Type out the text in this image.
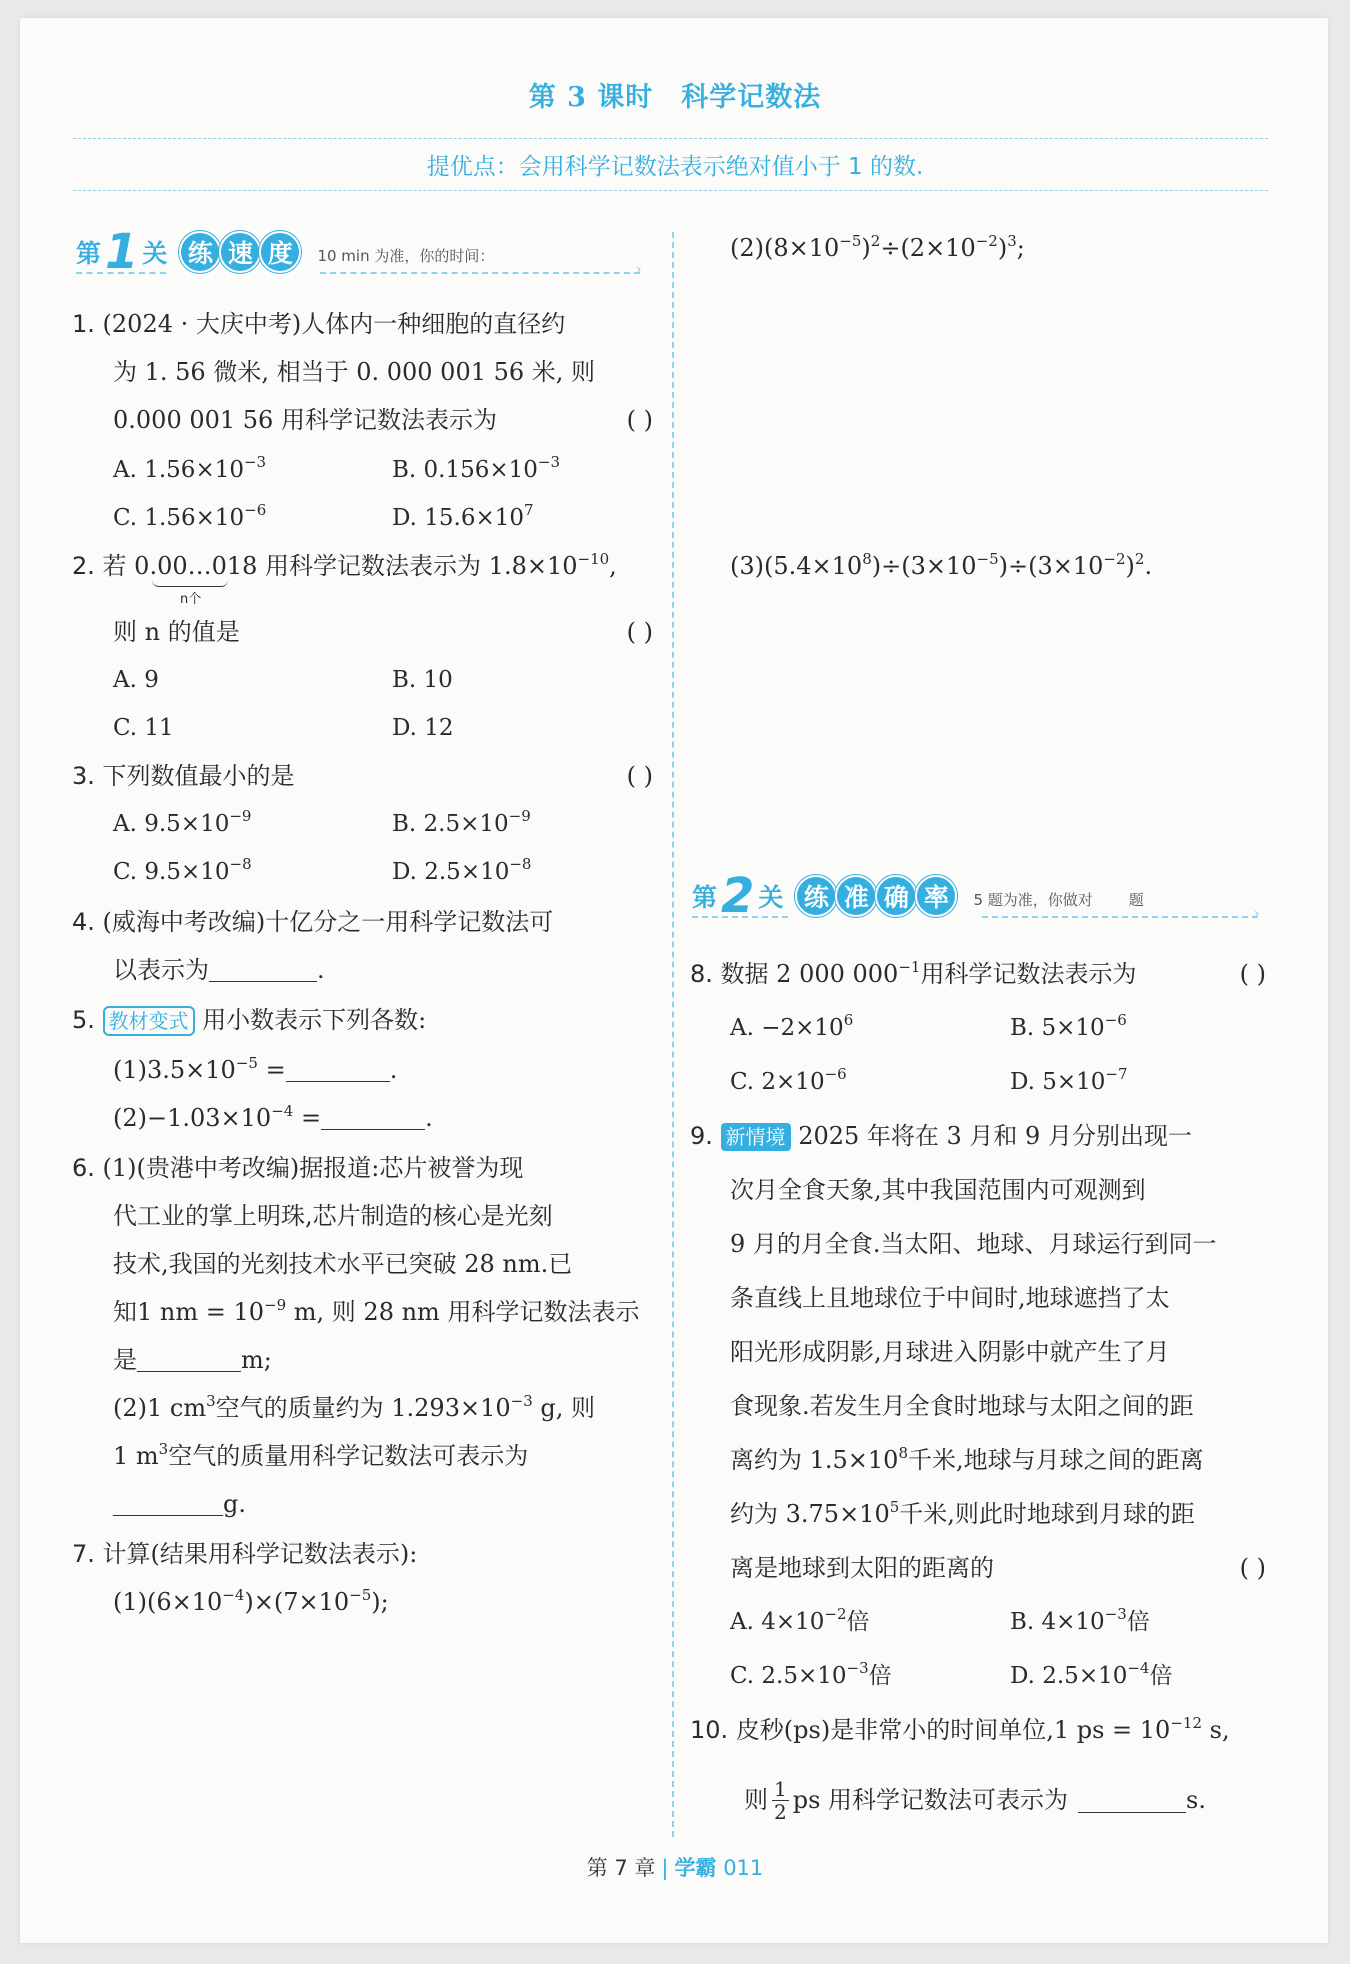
第 3 课时 科学记数法
提优点：会用科学记数法表示绝对值小于 1 的数.
第 1 关 练 速 度	10 min 为准，你的时间：
›
1. (2024 · 大庆中考)人体内一种细胞的直径约
为 1. 56 微米, 相当于 0. 000 001 56 米, 则
0.000 001 56 用科学记数法表示为	( )
A. $1.56\times 10^{-3}$	B. $0.156\times 10^{-3}$
C. $1.56\times 10^{-6}$	D. $15.6\times 10^7$
2. 若 0.00…018 用科学记数法表示为 $1.8\times 10^{-10}$,
n个
则 n 的值是	( )
A. 9	B. 10
C. 11	D. 12
3. 下列数值最小的是	( )
A. $9.5\times 10^{-9}$	B. $2.5\times 10^{-9}$
C. $9.5\times 10^{-8}$	D. $2.5\times 10^{-8}$
4. (威海中考改编)十亿分之一用科学记数法可
以表示为	.
5. 教材变式 用小数表示下列各数:
$(1)3.5\times 10^{-5}$ =	.
$(2)-1.03\times 10^{-4}$ =	.
6. (1)(贵港中考改编)据报道:芯片被誉为现
代工业的掌上明珠,芯片制造的核心是光刻
技术,我国的光刻技术水平已突破 28 nm.已
知1 nm = $10^{-9}$ m, 则 28 nm 用科学记数法表示
是	m;
(2)1 $cm^3$空气的质量约为 $1.293\times 10^{-3}$ g, 则
1 $m^3$空气的质量用科学记数法可表示为
g.
7. 计算(结果用科学记数法表示):
$(1)(6\times 10^{-4})\times(7\times 10^{-5})$;
$(2)(8\times 10^{-5})^2\div(2\times 10^{-2})^3$;
$(3)(5.4\times 10^8)\div(3\times 10^{-5})\div(3\times 10^{-2})^2$.
第 2 关 练 准 确 率	5 题为准，你做对 题
›
8. 数据 2 000 $000^{-1}$用科学记数法表示为	( )
A. $-2\times 10^6$	B. $5\times 10^{-6}$
C. $2\times 10^{-6}$	D. $5\times 10^{-7}$
9. 新情境 2025 年将在 3 月和 9 月分别出现一
次月全食天象,其中我国范围内可观测到
9 月的月全食.当太阳、地球、月球运行到同一
条直线上且地球位于中间时,地球遮挡了太
阳光形成阴影,月球进入阴影中就产生了月
食现象.若发生月全食时地球与太阳之间的距
离约为 $1.5\times 10^8$千米,地球与月球之间的距离
约为 $3.75\times 10^5$千米,则此时地球到月球的距
离是地球到太阳的距离的	( )
A. $4\times 10^{-2}$倍	B. $4\times 10^{-3}$倍
C. $2.5\times 10^{-3}$倍	D. $2.5\times 10^{-4}$倍
10. 皮秒(ps)是非常小的时间单位,1 ps = $10^{-12}$ s,
则 $\frac{1}{2}$ ps 用科学记数法可表示为	s.
第 7 章 | 学霸 011
